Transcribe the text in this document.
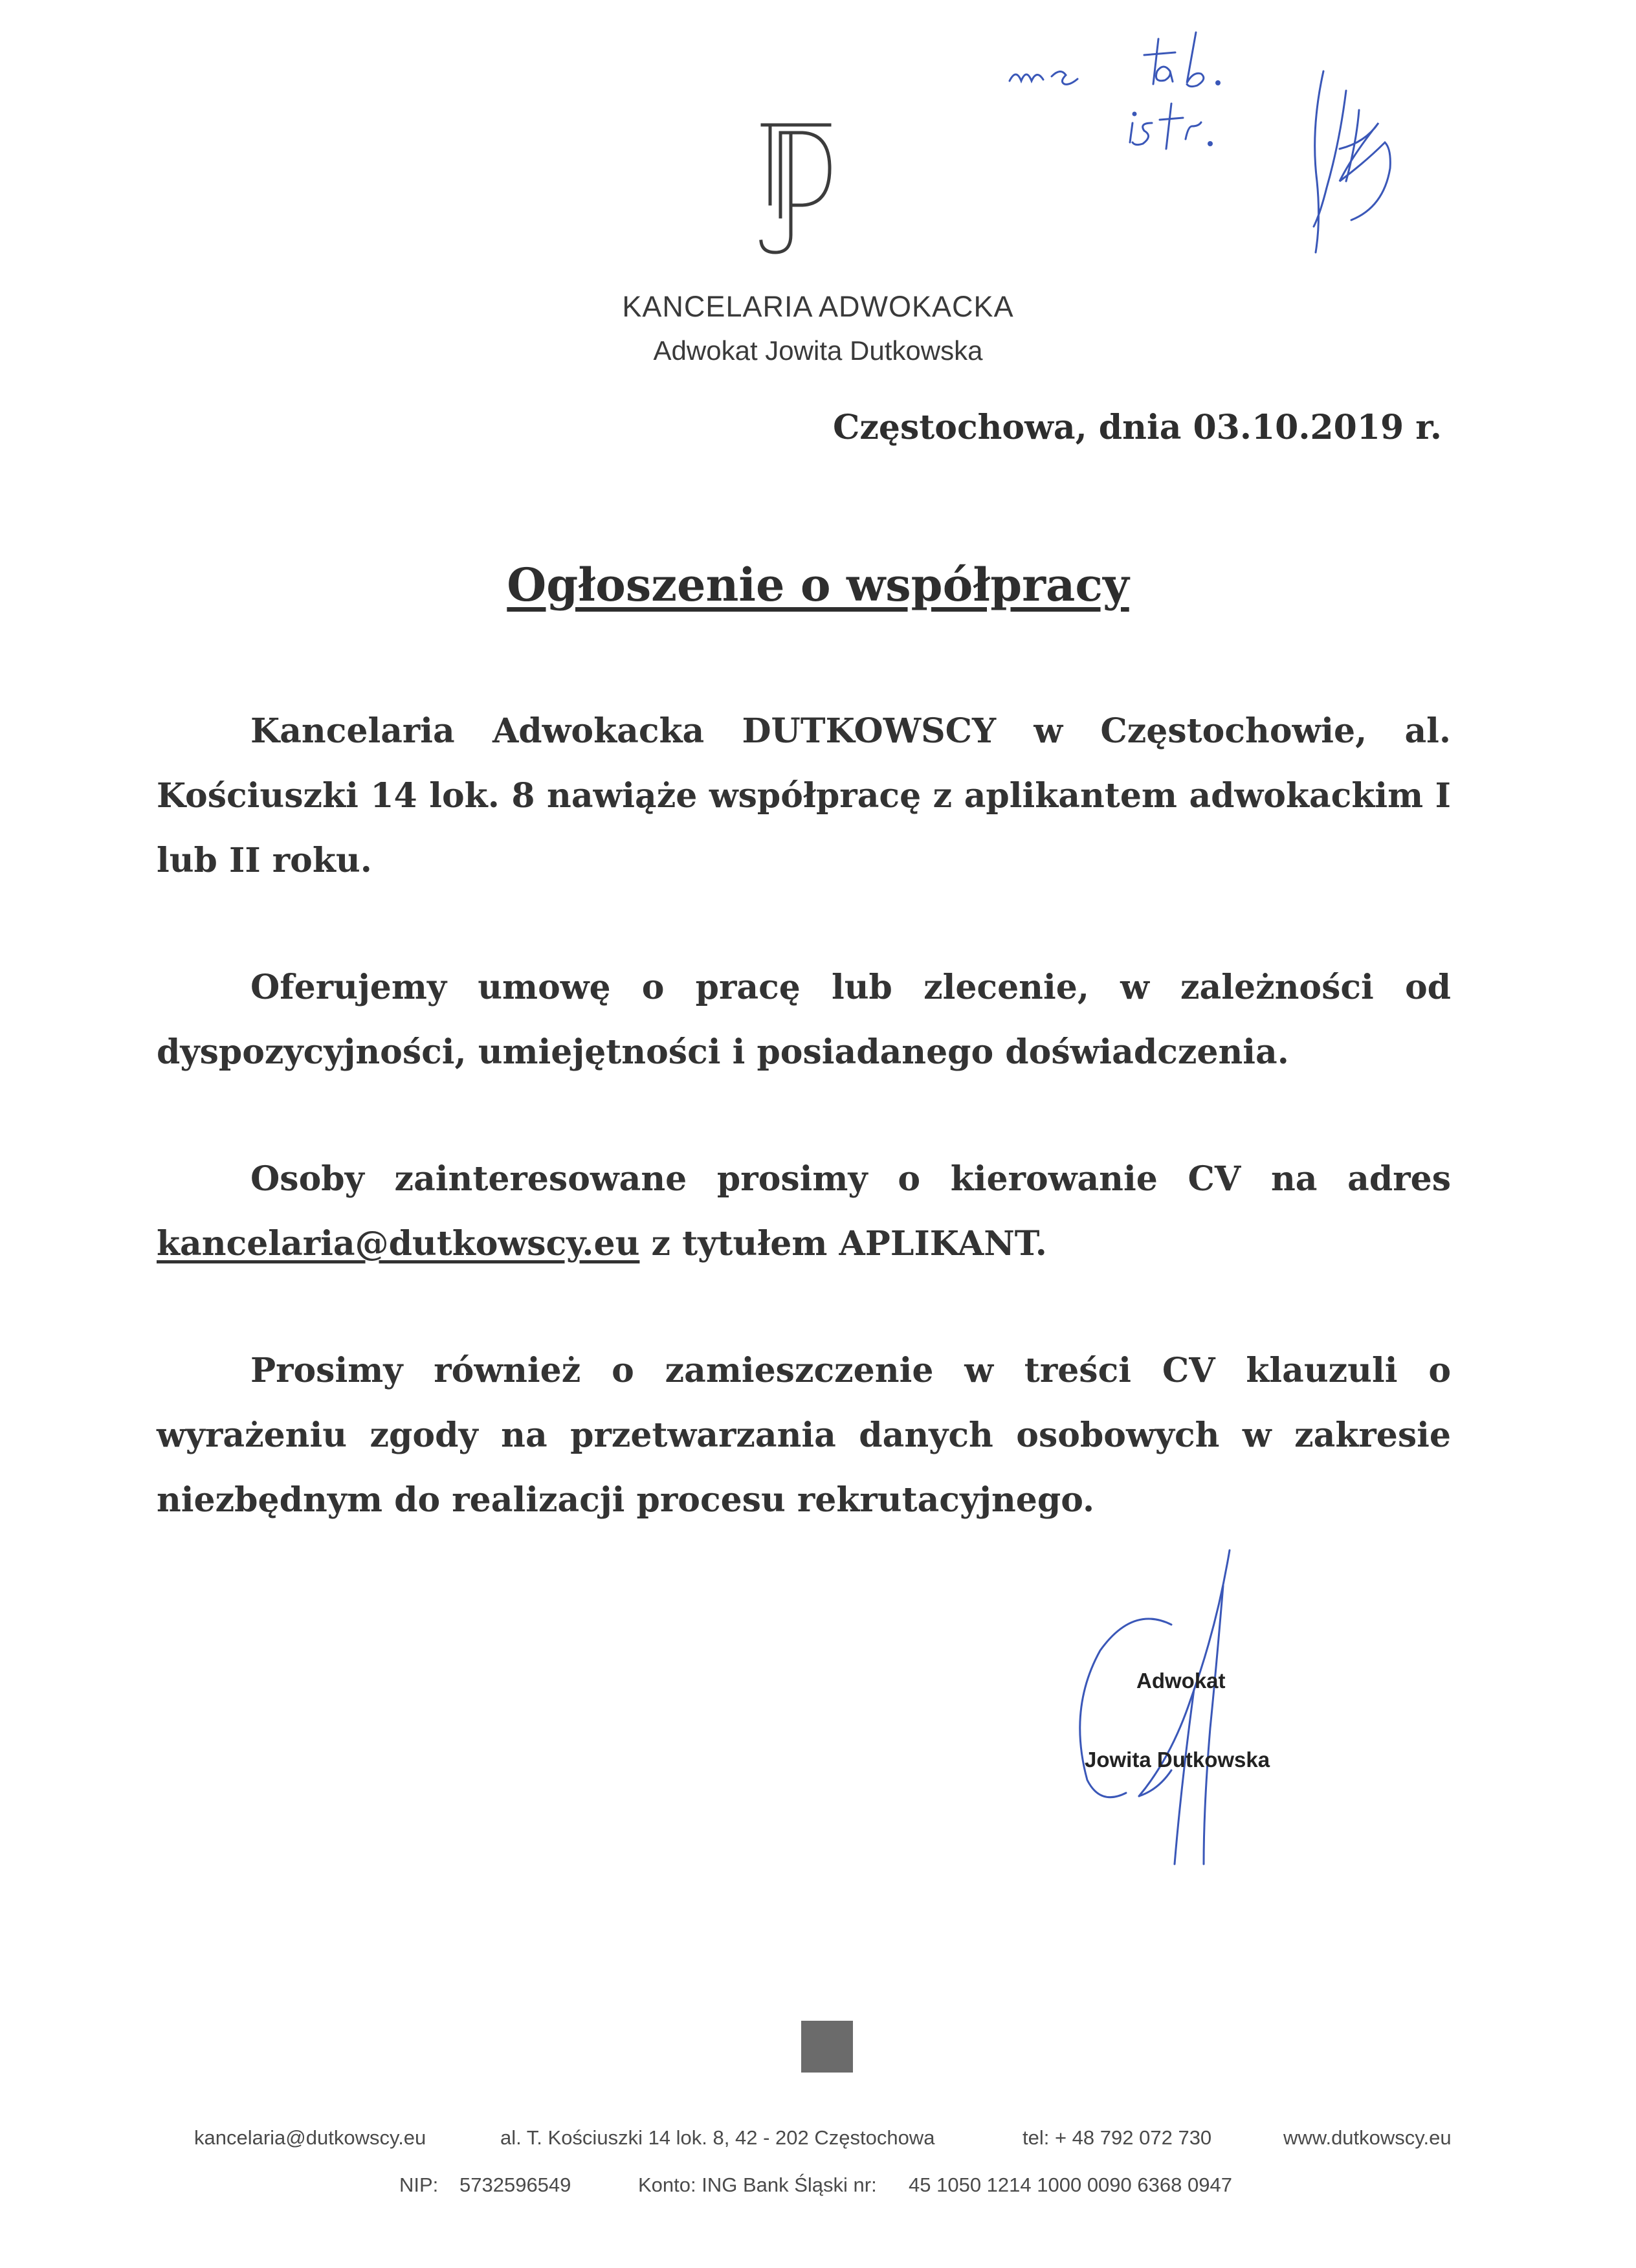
KANCELARIA ADWOKACKA
Adwokat Jowita Dutkowska
Częstochowa, dnia 03.10.2019 r.
Ogłoszenie o współpracy

Kancelaria Adwokacka DUTKOWSCY w Częstochowie, al. Kościuszki 14 lok. 8 nawiąże współpracę z aplikantem adwokackim I lub II roku.

Oferujemy umowę o pracę lub zlecenie, w zależności od dyspozycyjności, umiejętności i posiadanego doświadczenia.

Osoby zainteresowane prosimy o kierowanie CV na adres kancelaria@dutkowscy.eu z tytułem APLIKANT.

Prosimy również o zamieszczenie w treści CV klauzuli o wyrażeniu zgody na przetwarzania danych osobowych w zakresie niezbędnym do realizacji procesu rekrutacyjnego.

Adwokat
Jowita Dutkowska
kancelaria@dutkowscy.eu	al. T. Kościuszki 14 lok. 8, 42 - 202 Częstochowa	tel: + 48 792 072 730	www.dutkowscy.eu
NIP: 5732596549	Konto: ING Bank Śląski nr: 45 1050 1214 1000 0090 6368 0947
